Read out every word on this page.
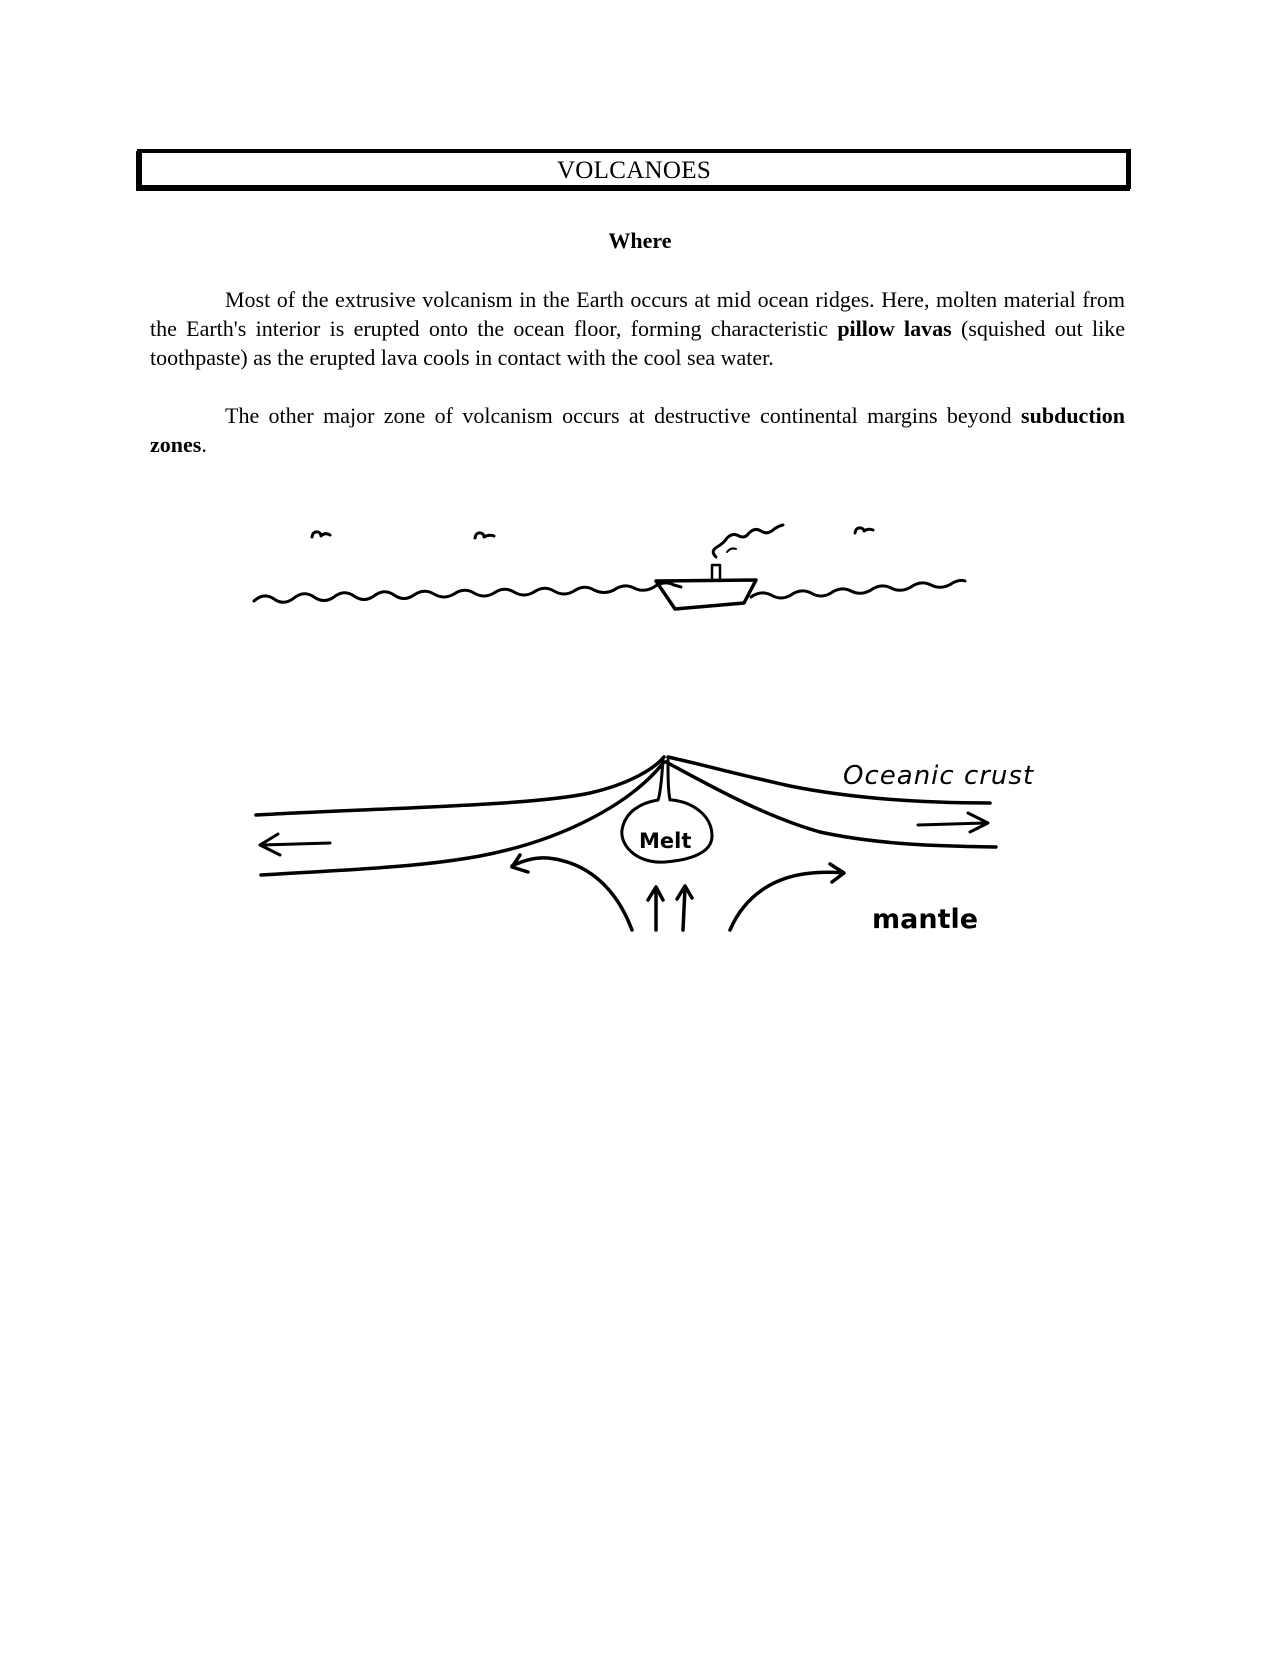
VOLCANOES
Where

Most of the extrusive volcanism in the Earth occurs at mid ocean ridges. Here, molten material from the Earth's interior is erupted onto the ocean floor, forming characteristic pillow lavas (squished out like toothpaste) as the erupted lava cools in contact with the cool sea water.

The other major zone of volcanism occurs at destructive continental margins beyond subduction zones.

Oceanic crust
Melt
mantle
